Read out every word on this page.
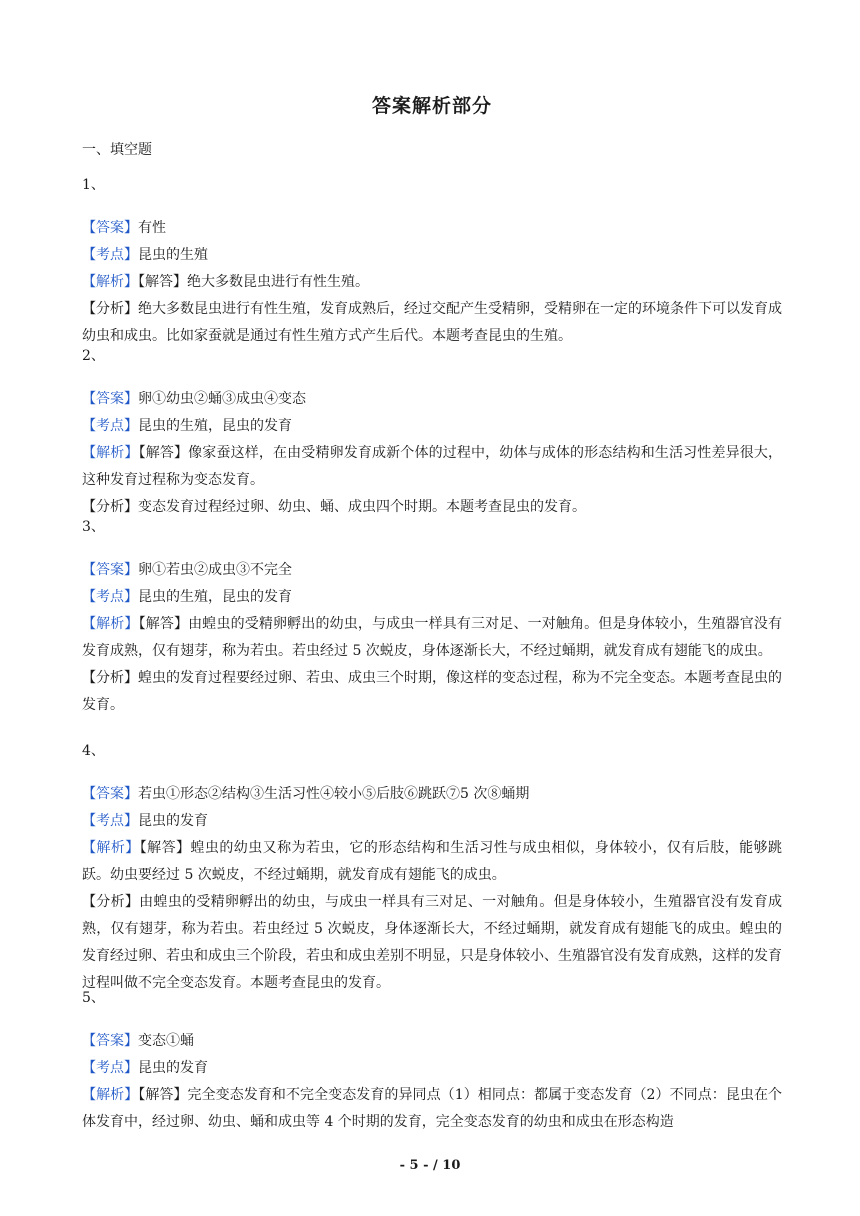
答案解析部分
一、填空题
1、
【答案】有性
【考点】昆虫的生殖
【解析】【解答】绝大多数昆虫进行有性生殖。
【分析】绝大多数昆虫进行有性生殖，发育成熟后，经过交配产生受精卵，受精卵在一定的环境条件下可以发育成幼虫和成虫。比如家蚕就是通过有性生殖方式产生后代。本题考查昆虫的生殖。
2、
【答案】卵①幼虫②蛹③成虫④变态
【考点】昆虫的生殖，昆虫的发育
【解析】【解答】像家蚕这样，在由受精卵发育成新个体的过程中，幼体与成体的形态结构和生活习性差异很大，这种发育过程称为变态发育。
【分析】变态发育过程经过卵、幼虫、蛹、成虫四个时期。本题考查昆虫的发育。
3、
【答案】卵①若虫②成虫③不完全
【考点】昆虫的生殖，昆虫的发育
【解析】【解答】由蝗虫的受精卵孵出的幼虫，与成虫一样具有三对足、一对触角。但是身体较小，生殖器官没有发育成熟，仅有翅芽，称为若虫。若虫经过 5 次蜕皮，身体逐渐长大，不经过蛹期，就发育成有翅能飞的成虫。
【分析】蝗虫的发育过程要经过卵、若虫、成虫三个时期，像这样的变态过程，称为不完全变态。本题考查昆虫的发育。
4、
【答案】若虫①形态②结构③生活习性④较小⑤后肢⑥跳跃⑦5 次⑧蛹期
【考点】昆虫的发育
【解析】【解答】蝗虫的幼虫又称为若虫，它的形态结构和生活习性与成虫相似，身体较小，仅有后肢，能够跳跃。幼虫要经过 5 次蜕皮，不经过蛹期，就发育成有翅能飞的成虫。
【分析】由蝗虫的受精卵孵出的幼虫，与成虫一样具有三对足、一对触角。但是身体较小，生殖器官没有发育成熟，仅有翅芽，称为若虫。若虫经过 5 次蜕皮，身体逐渐长大，不经过蛹期，就发育成有翅能飞的成虫。蝗虫的发育经过卵、若虫和成虫三个阶段，若虫和成虫差别不明显，只是身体较小、生殖器官没有发育成熟，这样的发育过程叫做不完全变态发育。本题考查昆虫的发育。
5、
【答案】变态①蛹
【考点】昆虫的发育
【解析】【解答】完全变态发育和不完全变态发育的异同点（1）相同点：都属于变态发育（2）不同点：昆虫在个体发育中，经过卵、幼虫、蛹和成虫等 4 个时期的发育，完全变态发育的幼虫和成虫在形态构造
- 5 - / 10
